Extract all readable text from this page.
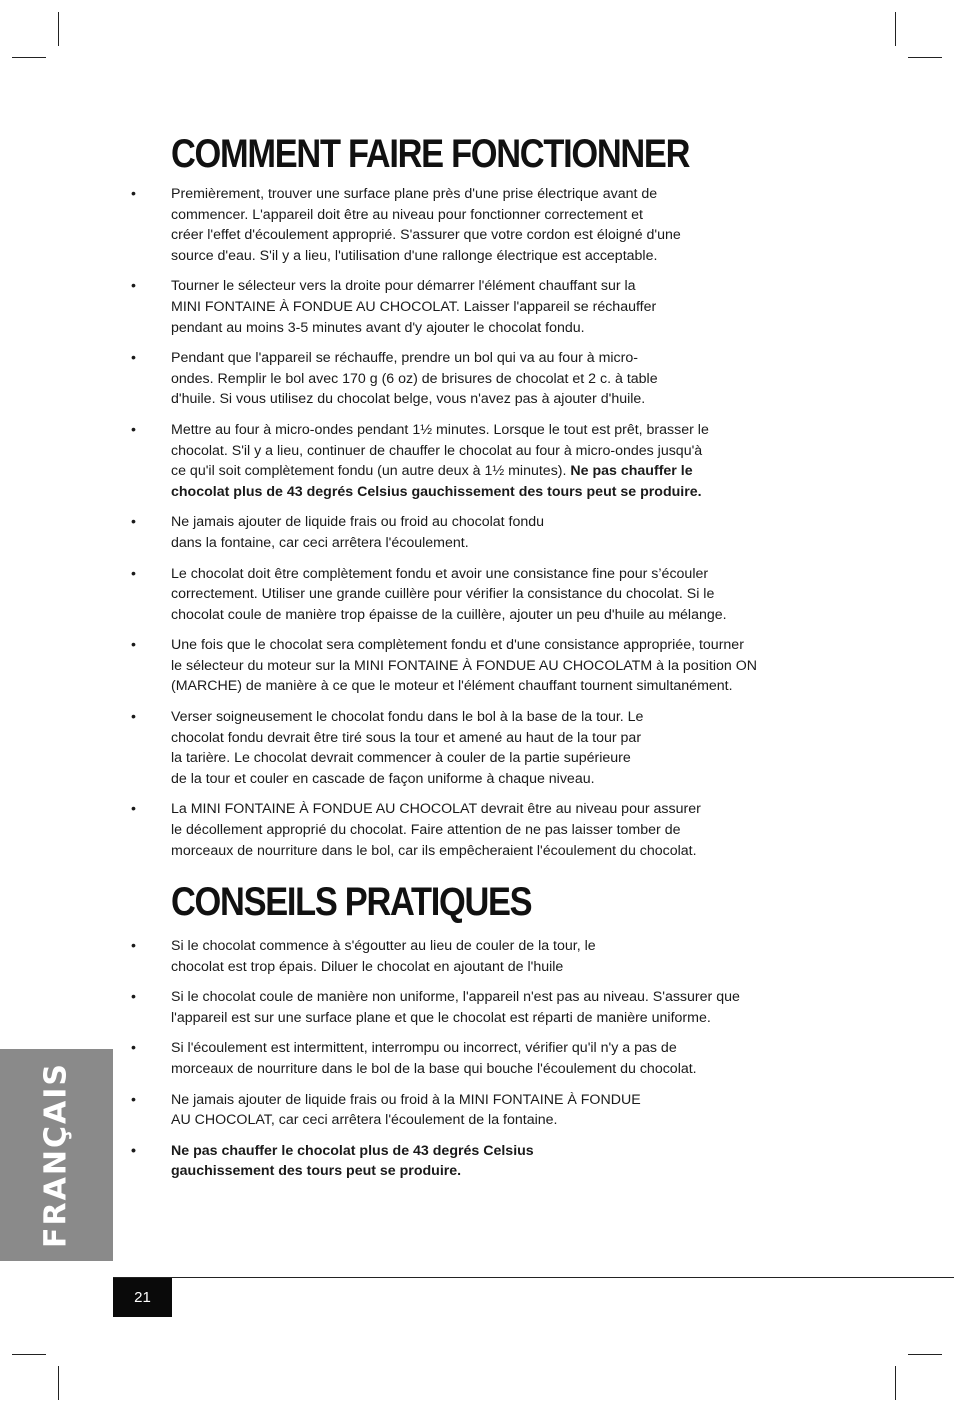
COMMENT FAIRE FONCTIONNER
• Premièrement, trouver une surface plane près d'une prise électrique avant de
commencer. L'appareil doit être au niveau pour fonctionner correctement et
créer l'effet d'écoulement approprié. S'assurer que votre cordon est éloigné d'une
source d'eau. S'il y a lieu, l'utilisation d'une rallonge électrique est acceptable.
• Tourner le sélecteur vers la droite pour démarrer l'élément chauffant sur la
MINI FONTAINE À FONDUE AU CHOCOLAT. Laisser l'appareil se réchauffer
pendant au moins 3-5 minutes avant d'y ajouter le chocolat fondu.
• Pendant que l'appareil se réchauffe, prendre un bol qui va au four à micro-
ondes. Remplir le bol avec 170 g (6 oz) de brisures de chocolat et 2 c. à table
d'huile. Si vous utilisez du chocolat belge, vous n'avez pas à ajouter d'huile.
• Mettre au four à micro-ondes pendant 1½ minutes. Lorsque le tout est prêt, brasser le
chocolat. S'il y a lieu, continuer de chauffer le chocolat au four à micro-ondes jusqu'à
ce qu'il soit complètement fondu (un autre deux à 1½ minutes). Ne pas chauffer le
chocolat plus de 43 degrés Celsius gauchissement des tours peut se produire.
• Ne jamais ajouter de liquide frais ou froid au chocolat fondu
dans la fontaine, car ceci arrêtera l'écoulement.
• Le chocolat doit être complètement fondu et avoir une consistance fine pour s’écouler
correctement. Utiliser une grande cuillère pour vérifier la consistance du chocolat. Si le
chocolat coule de manière trop épaisse de la cuillère, ajouter un peu d'huile au mélange.
• Une fois que le chocolat sera complètement fondu et d'une consistance appropriée, tourner
le sélecteur du moteur sur la MINI FONTAINE À FONDUE AU CHOCOLATM à la position ON
(MARCHE) de manière à ce que le moteur et l'élément chauffant tournent simultanément.
• Verser soigneusement le chocolat fondu dans le bol à la base de la tour. Le
chocolat fondu devrait être tiré sous la tour et amené au haut de la tour par
la tarière. Le chocolat devrait commencer à couler de la partie supérieure
de la tour et couler en cascade de façon uniforme à chaque niveau.
• La MINI FONTAINE À FONDUE AU CHOCOLAT devrait être au niveau pour assurer
le décollement approprié du chocolat. Faire attention de ne pas laisser tomber de
morceaux de nourriture dans le bol, car ils empêcheraient l'écoulement du chocolat.
CONSEILS PRATIQUES
• Si le chocolat commence à s'égoutter au lieu de couler de la tour, le
chocolat est trop épais. Diluer le chocolat en ajoutant de l'huile
• Si le chocolat coule de manière non uniforme, l'appareil n'est pas au niveau. S'assurer que
l'appareil est sur une surface plane et que le chocolat est réparti de manière uniforme.
• Si l'écoulement est intermittent, interrompu ou incorrect, vérifier qu'il n'y a pas de
morceaux de nourriture dans le bol de la base qui bouche l'écoulement du chocolat.
• Ne jamais ajouter de liquide frais ou froid à la MINI FONTAINE À FONDUE
AU CHOCOLAT, car ceci arrêtera l'écoulement de la fontaine.
• Ne pas chauffer le chocolat plus de 43 degrés Celsius
gauchissement des tours peut se produire.
FRANÇAIS
21
